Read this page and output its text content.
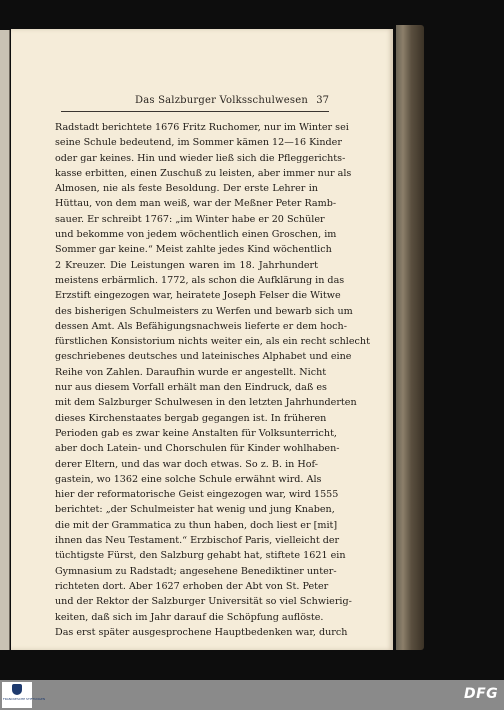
Das Salzburger Volksschulwesen 37
Radstadt berichtete 1676 Fritz Ruchomer, nur im Winter sei
seine Schule bedeutend, im Sommer kämen 12—16 Kinder
oder gar keines. Hin und wieder ließ sich die Pfleggerichts-
kasse erbitten, einen Zuschuß zu leisten, aber immer nur als
Almosen, nie als feste Besoldung. Der erste Lehrer in
Hüttau, von dem man weiß, war der Meßner Peter Ramb-
sauer. Er schreibt 1767: „im Winter habe er 20 Schüler
und bekomme von jedem wöchentlich einen Groschen, im
Sommer gar keine.“ Meist zahlte jedes Kind wöchentlich
2 Kreuzer. Die Leistungen waren im 18. Jahrhundert
meistens erbärmlich. 1772, als schon die Aufklärung in das
Erzstift eingezogen war, heiratete Joseph Felser die Witwe
des bisherigen Schulmeisters zu Werfen und bewarb sich um
dessen Amt. Als Befähigungsnachweis lieferte er dem hoch-
fürstlichen Konsistorium nichts weiter ein, als ein recht schlecht
geschriebenes deutsches und lateinisches Alphabet und eine
Reihe von Zahlen. Daraufhin wurde er angestellt. Nicht
nur aus diesem Vorfall erhält man den Eindruck, daß es
mit dem Salzburger Schulwesen in den letzten Jahrhunderten
dieses Kirchenstaates bergab gegangen ist. In früheren
Perioden gab es zwar keine Anstalten für Volksunterricht,
aber doch Latein- und Chorschulen für Kinder wohlhaben-
derer Eltern, und das war doch etwas. So z. B. in Hof-
gastein, wo 1362 eine solche Schule erwähnt wird. Als
hier der reformatorische Geist eingezogen war, wird 1555
berichtet: „der Schulmeister hat wenig und jung Knaben,
die mit der Grammatica zu thun haben, doch liest er [mit]
ihnen das Neu Testament.“ Erzbischof Paris, vielleicht der
tüchtigste Fürst, den Salzburg gehabt hat, stiftete 1621 ein
Gymnasium zu Radstadt; angesehene Benediktiner unter-
richteten dort. Aber 1627 erhoben der Abt von St. Peter
und der Rektor der Salzburger Universität so viel Schwierig-
keiten, daß sich im Jahr darauf die Schöpfung auflöste.
Das erst später ausgesprochene Hauptbedenken war, durch
FRANCKESCHE STIFTUNGEN	DFG
